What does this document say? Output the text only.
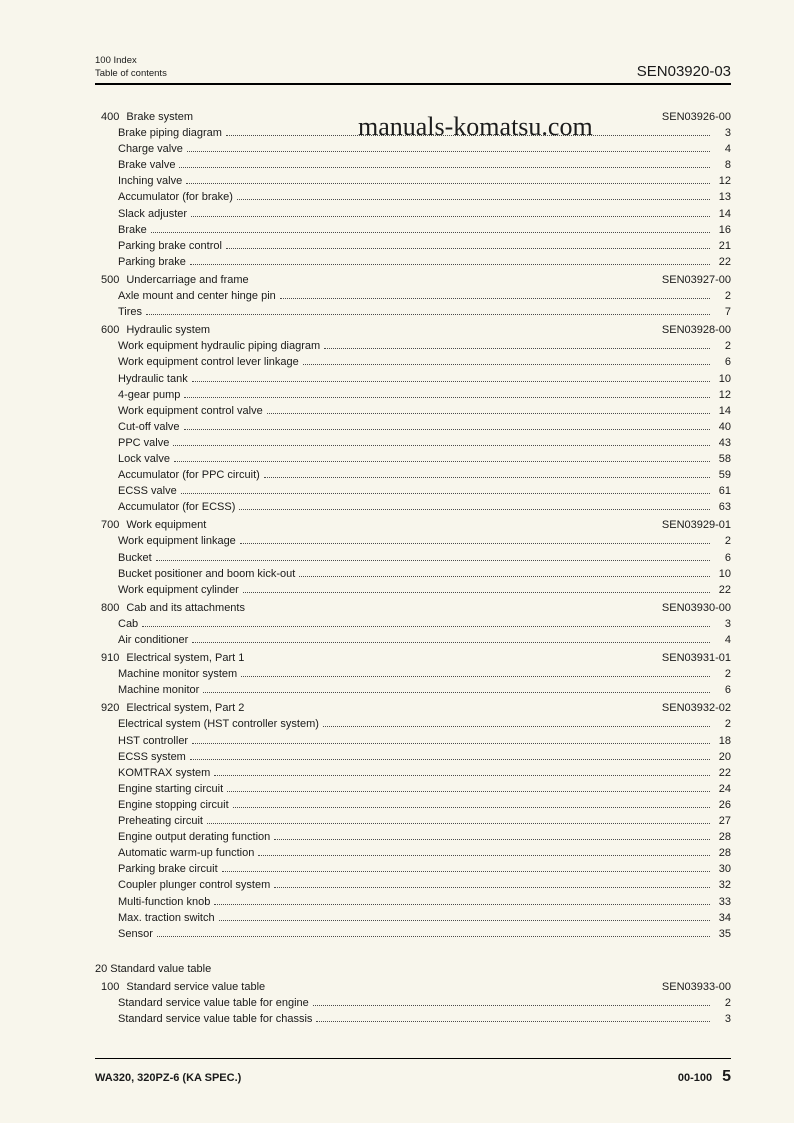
100 Index
Table of contents	SEN03920-03
400 Brake system	SEN03926-00
Brake piping diagram	3
Charge valve	4
Brake valve	8
Inching valve	12
Accumulator (for brake)	13
Slack adjuster	14
Brake	16
Parking brake control	21
Parking brake	22
500 Undercarriage and frame	SEN03927-00
Axle mount and center hinge pin	2
Tires	7
600 Hydraulic system	SEN03928-00
Work equipment hydraulic piping diagram	2
Work equipment control lever linkage	6
Hydraulic tank	10
4-gear pump	12
Work equipment control valve	14
Cut-off valve	40
PPC valve	43
Lock valve	58
Accumulator (for PPC circuit)	59
ECSS valve	61
Accumulator (for ECSS)	63
700 Work equipment	SEN03929-01
Work equipment linkage	2
Bucket	6
Bucket positioner and boom kick-out	10
Work equipment cylinder	22
800 Cab and its attachments	SEN03930-00
Cab	3
Air conditioner	4
910 Electrical system, Part 1	SEN03931-01
Machine monitor system	2
Machine monitor	6
920 Electrical system, Part 2	SEN03932-02
Electrical system (HST controller system)	2
HST controller	18
ECSS system	20
KOMTRAX system	22
Engine starting circuit	24
Engine stopping circuit	26
Preheating circuit	27
Engine output derating function	28
Automatic warm-up function	28
Parking brake circuit	30
Coupler plunger control system	32
Multi-function knob	33
Max. traction switch	34
Sensor	35
20 Standard value table
100 Standard service value table	SEN03933-00
Standard service value table for engine	2
Standard service value table for chassis	3
manuals-komatsu.com
WA320, 320PZ-6 (KA SPEC.)	00-100 5
